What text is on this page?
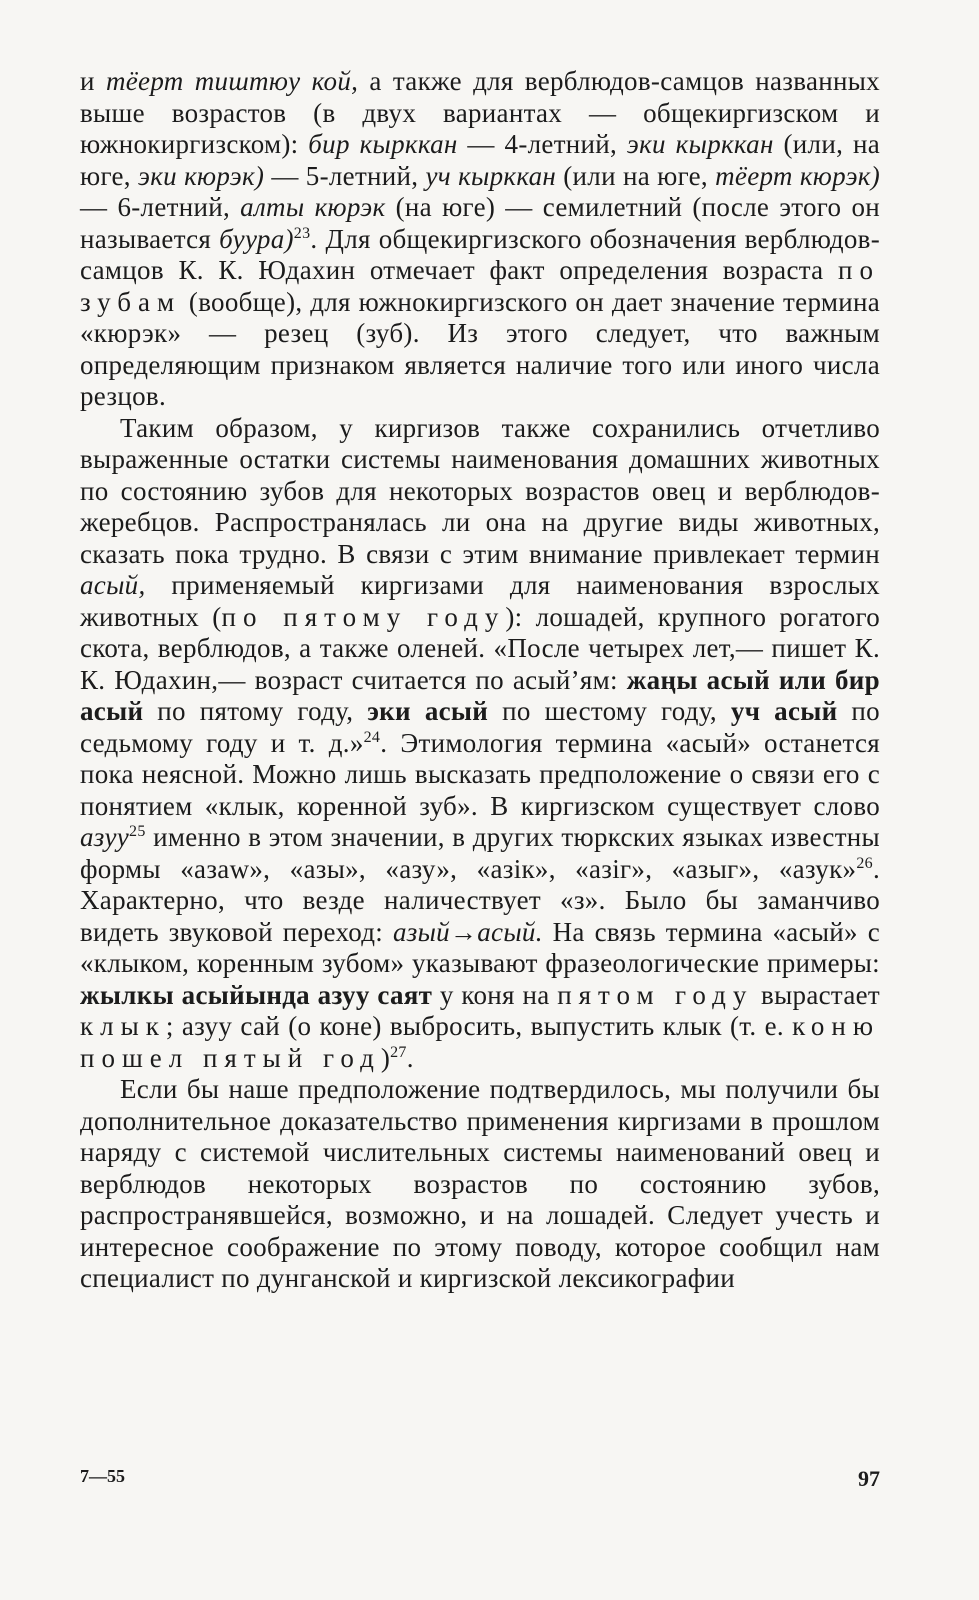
и тёерт тиштюу кой, а также для верблюдов-самцов названных выше возрастов (в двух вариантах — общекиргизском и южнокиргизском): бир кырккан — 4-летний, эки кырккан (или, на юге, эки кюрэк) — 5-летний, уч кырккан (или на юге, тёерт кюрэк) — 6-летний, алты кюрэк (на юге) — семилетний (после этого он называется буура)$^{23}$. Для общекиргизского обозначения верблюдов-самцов К. К. Юдахин отмечает факт определения возраста по зубам (вообще), для южнокиргизского он дает значение термина «кюрэк» — резец (зуб). Из этого следует, что важным определяющим признаком является наличие того или иного числа резцов.

Таким образом, у киргизов также сохранились отчетливо выраженные остатки системы наименования домашних животных по состоянию зубов для некоторых возрастов овец и верблюдов-жеребцов. Распространялась ли она на другие виды животных, сказать пока трудно. В связи с этим внимание привлекает термин асый, применяемый киргизами для наименования взрослых животных (по пятому году): лошадей, крупного рогатого скота, верблюдов, а также оленей. «После четырех лет,— пишет К. К. Юдахин,— возраст считается по асый’ям: жаңы асый или бир асый по пятому году, эки асый по шестому году, уч асый по седьмому году и т. д.»$^{24}$. Этимология термина «асый» останется пока неясной. Можно лишь высказать предположение о связи его с понятием «клык, коренной зуб». В киргизском существует слово азуу$^{25}$ именно в этом значении, в других тюркских языках известны формы «азаw», «азы», «азу», «азiк», «азiг», «азыг», «азук»$^{26}$. Характерно, что везде наличествует «з». Было бы заманчиво видеть звуковой переход: азый→асый. На связь термина «асый» с «клыком, коренным зубом» указывают фразеологические примеры: жылкы асыйында азуу саят у коня на пятом году вырастает клык; азуу сай (о коне) выбросить, выпустить клык (т. е. коню пошел пятый год)$^{27}$.

Если бы наше предположение подтвердилось, мы получили бы дополнительное доказательство применения киргизами в прошлом наряду с системой числительных системы наименований овец и верблюдов некоторых возрастов по состоянию зубов, распространявшейся, возможно, и на лошадей. Следует учесть и интересное соображение по этому поводу, которое сообщил нам специалист по дунганской и киргизской лексикографии

7—55	97
